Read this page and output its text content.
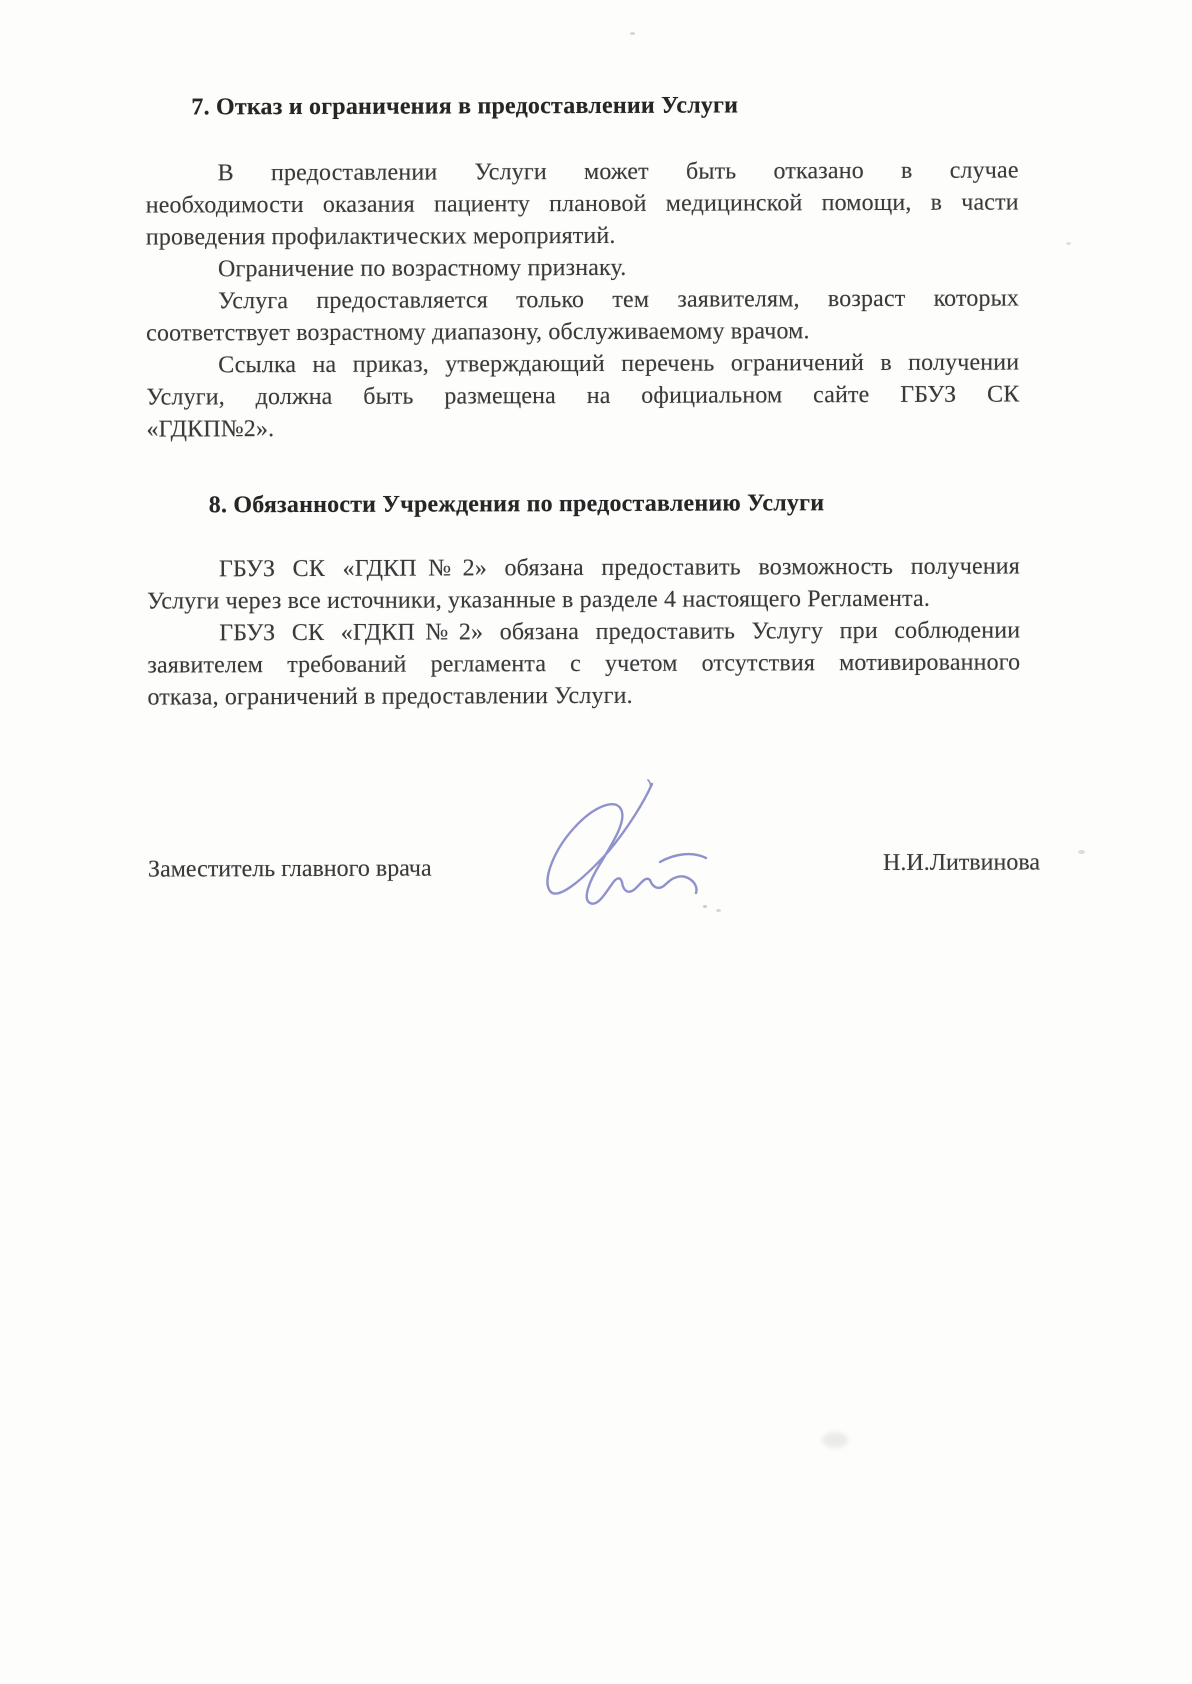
7. Отказ и ограничения в предоставлении Услуги
В предоставлении Услуги может быть отказано в случае
необходимости оказания пациенту плановой медицинской помощи, в части
проведения профилактических мероприятий.
Ограничение по возрастному признаку.
Услуга предоставляется только тем заявителям, возраст которых
соответствует возрастному диапазону, обслуживаемому врачом.
Ссылка на приказ, утверждающий перечень ограничений в получении
Услуги, должна быть размещена на официальном сайте ГБУЗ СК
«ГДКП№2».
8. Обязанности Учреждения по предоставлению Услуги
ГБУЗ СК «ГДКП№2» обязана предоставить возможность получения
Услуги через все источники, указанные в разделе 4 настоящего Регламента.
ГБУЗ СК «ГДКП№2» обязана предоставить Услугу при соблюдении
заявителем требований регламента с учетом отсутствия мотивированного
отказа, ограничений в предоставлении Услуги.
Заместитель главного врача	Н.И.Литвинова
